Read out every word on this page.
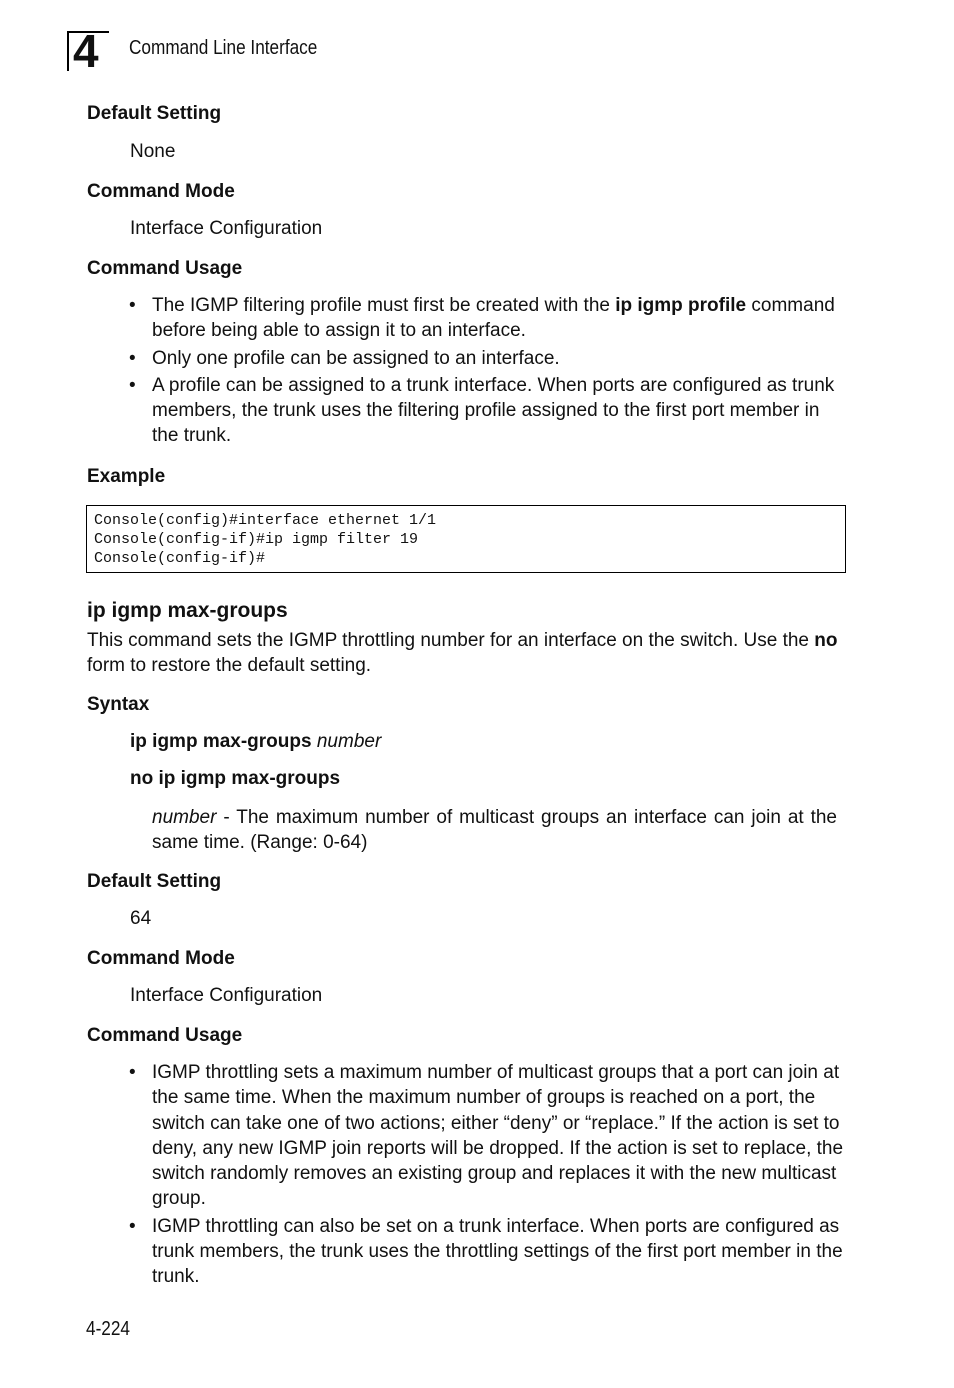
4 Command Line Interface
Default Setting
None
Command Mode
Interface Configuration
Command Usage
• The IGMP filtering profile must first be created with the ip igmp profile command before being able to assign it to an interface.
• Only one profile can be assigned to an interface.
• A profile can be assigned to a trunk interface. When ports are configured as trunk members, the trunk uses the filtering profile assigned to the first port member in the trunk.
Example
Console(config)#interface ethernet 1/1
Console(config-if)#ip igmp filter 19
Console(config-if)#
ip igmp max-groups
This command sets the IGMP throttling number for an interface on the switch. Use the no form to restore the default setting.
Syntax
ip igmp max-groups number
no ip igmp max-groups
number - The maximum number of multicast groups an interface can join at the same time. (Range: 0-64)
Default Setting
64
Command Mode
Interface Configuration
Command Usage
• IGMP throttling sets a maximum number of multicast groups that a port can join at the same time. When the maximum number of groups is reached on a port, the switch can take one of two actions; either “deny” or “replace.” If the action is set to deny, any new IGMP join reports will be dropped. If the action is set to replace, the switch randomly removes an existing group and replaces it with the new multicast group.
• IGMP throttling can also be set on a trunk interface. When ports are configured as trunk members, the trunk uses the throttling settings of the first port member in the trunk.
4-224
